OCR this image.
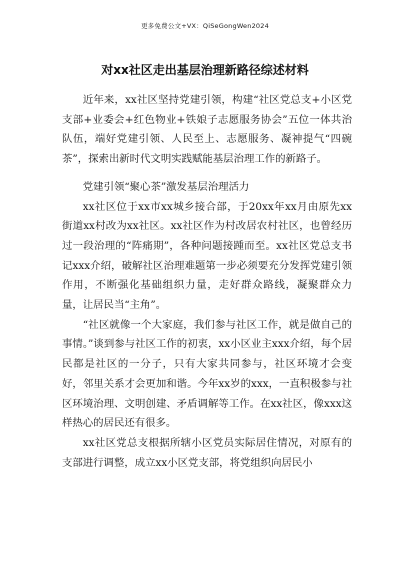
更多免费公文+VX：QiSeGongWen2024
对xx社区走出基层治理新路径综述材料

近年来，xx社区坚持党建引领，构建“社区党总支+小区党支部+业委会+红色物业+铁娘子志愿服务协会”五位一体共治队伍，端好党建引领、人民至上、志愿服务、凝神提气“四碗茶”，探索出新时代文明实践赋能基层治理工作的新路子。

党建引领“聚心茶”激发基层治理活力

xx社区位于xx市xx城乡接合部，于20xx年xx月由原先xx街道xx村改为xx社区。xx社区作为村改居农村社区，也曾经历过一段治理的“阵痛期”，各种问题接踵而至。xx社区党总支书记xxx介绍，破解社区治理难题第一步必须要充分发挥党建引领作用，不断强化基础组织力量，走好群众路线，凝聚群众力量，让居民当“主角”。

“社区就像一个大家庭，我们参与社区工作，就是做自己的事情。”谈到参与社区工作的初衷，xx小区业主xxx介绍，每个居民都是社区的一分子，只有大家共同参与，社区环境才会变好，邻里关系才会更加和谐。今年xx岁的xxx，一直积极参与社区环境治理、文明创建、矛盾调解等工作。在xx社区，像xxx这样热心的居民还有很多。

xx社区党总支根据所辖小区党员实际居住情况，对原有的支部进行调整，成立xx小区党支部，将党组织向居民小
